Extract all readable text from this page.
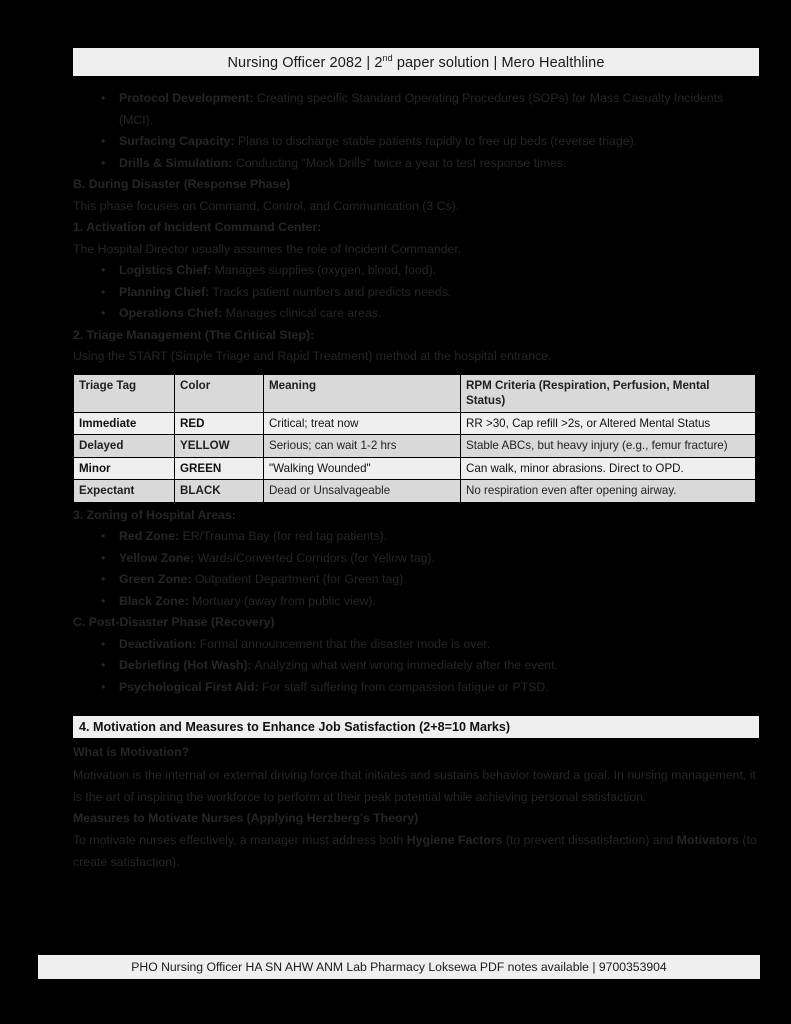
Nursing Officer 2082 | 2nd paper solution | Mero Healthline
• Protocol Development: Creating specific Standard Operating Procedures (SOPs) for Mass Casualty Incidents (MCI).
• Surfacing Capacity: Plans to discharge stable patients rapidly to free up beds (reverse triage).
• Drills & Simulation: Conducting "Mock Drills" twice a year to test response times.
B. During Disaster (Response Phase)
This phase focuses on Command, Control, and Communication (3 Cs).
1. Activation of Incident Command Center:
The Hospital Director usually assumes the role of Incident Commander.
• Logistics Chief: Manages supplies (oxygen, blood, food).
• Planning Chief: Tracks patient numbers and predicts needs.
• Operations Chief: Manages clinical care areas.
2. Triage Management (The Critical Step):
Using the START (Simple Triage and Rapid Treatment) method at the hospital entrance.
Triage Tag	Color	Meaning	RPM Criteria (Respiration, Perfusion, Mental Status)
Immediate	RED	Critical; treat now	RR >30, Cap refill >2s, or Altered Mental Status
Delayed	YELLOW	Serious; can wait 1-2 hrs	Stable ABCs, but heavy injury (e.g., femur fracture)
Minor	GREEN	"Walking Wounded"	Can walk, minor abrasions. Direct to OPD.
Expectant	BLACK	Dead or Unsalvageable	No respiration even after opening airway.
3. Zoning of Hospital Areas:
• Red Zone: ER/Trauma Bay (for red tag patients).
• Yellow Zone: Wards/Converted Corridors (for Yellow tag).
• Green Zone: Outpatient Department (for Green tag).
• Black Zone: Mortuary (away from public view).
C. Post-Disaster Phase (Recovery)
• Deactivation: Formal announcement that the disaster mode is over.
• Debriefing (Hot Wash): Analyzing what went wrong immediately after the event.
• Psychological First Aid: For staff suffering from compassion fatigue or PTSD.
4. Motivation and Measures to Enhance Job Satisfaction (2+8=10 Marks)
What is Motivation?
Motivation is the internal or external driving force that initiates and sustains behavior toward a goal. In nursing management, it is the art of inspiring the workforce to perform at their peak potential while achieving personal satisfaction.
Measures to Motivate Nurses (Applying Herzberg's Theory)
To motivate nurses effectively, a manager must address both Hygiene Factors (to prevent dissatisfaction) and Motivators (to create satisfaction).
PHO Nursing Officer HA SN AHW ANM Lab Pharmacy Loksewa PDF notes available | 9700353904
